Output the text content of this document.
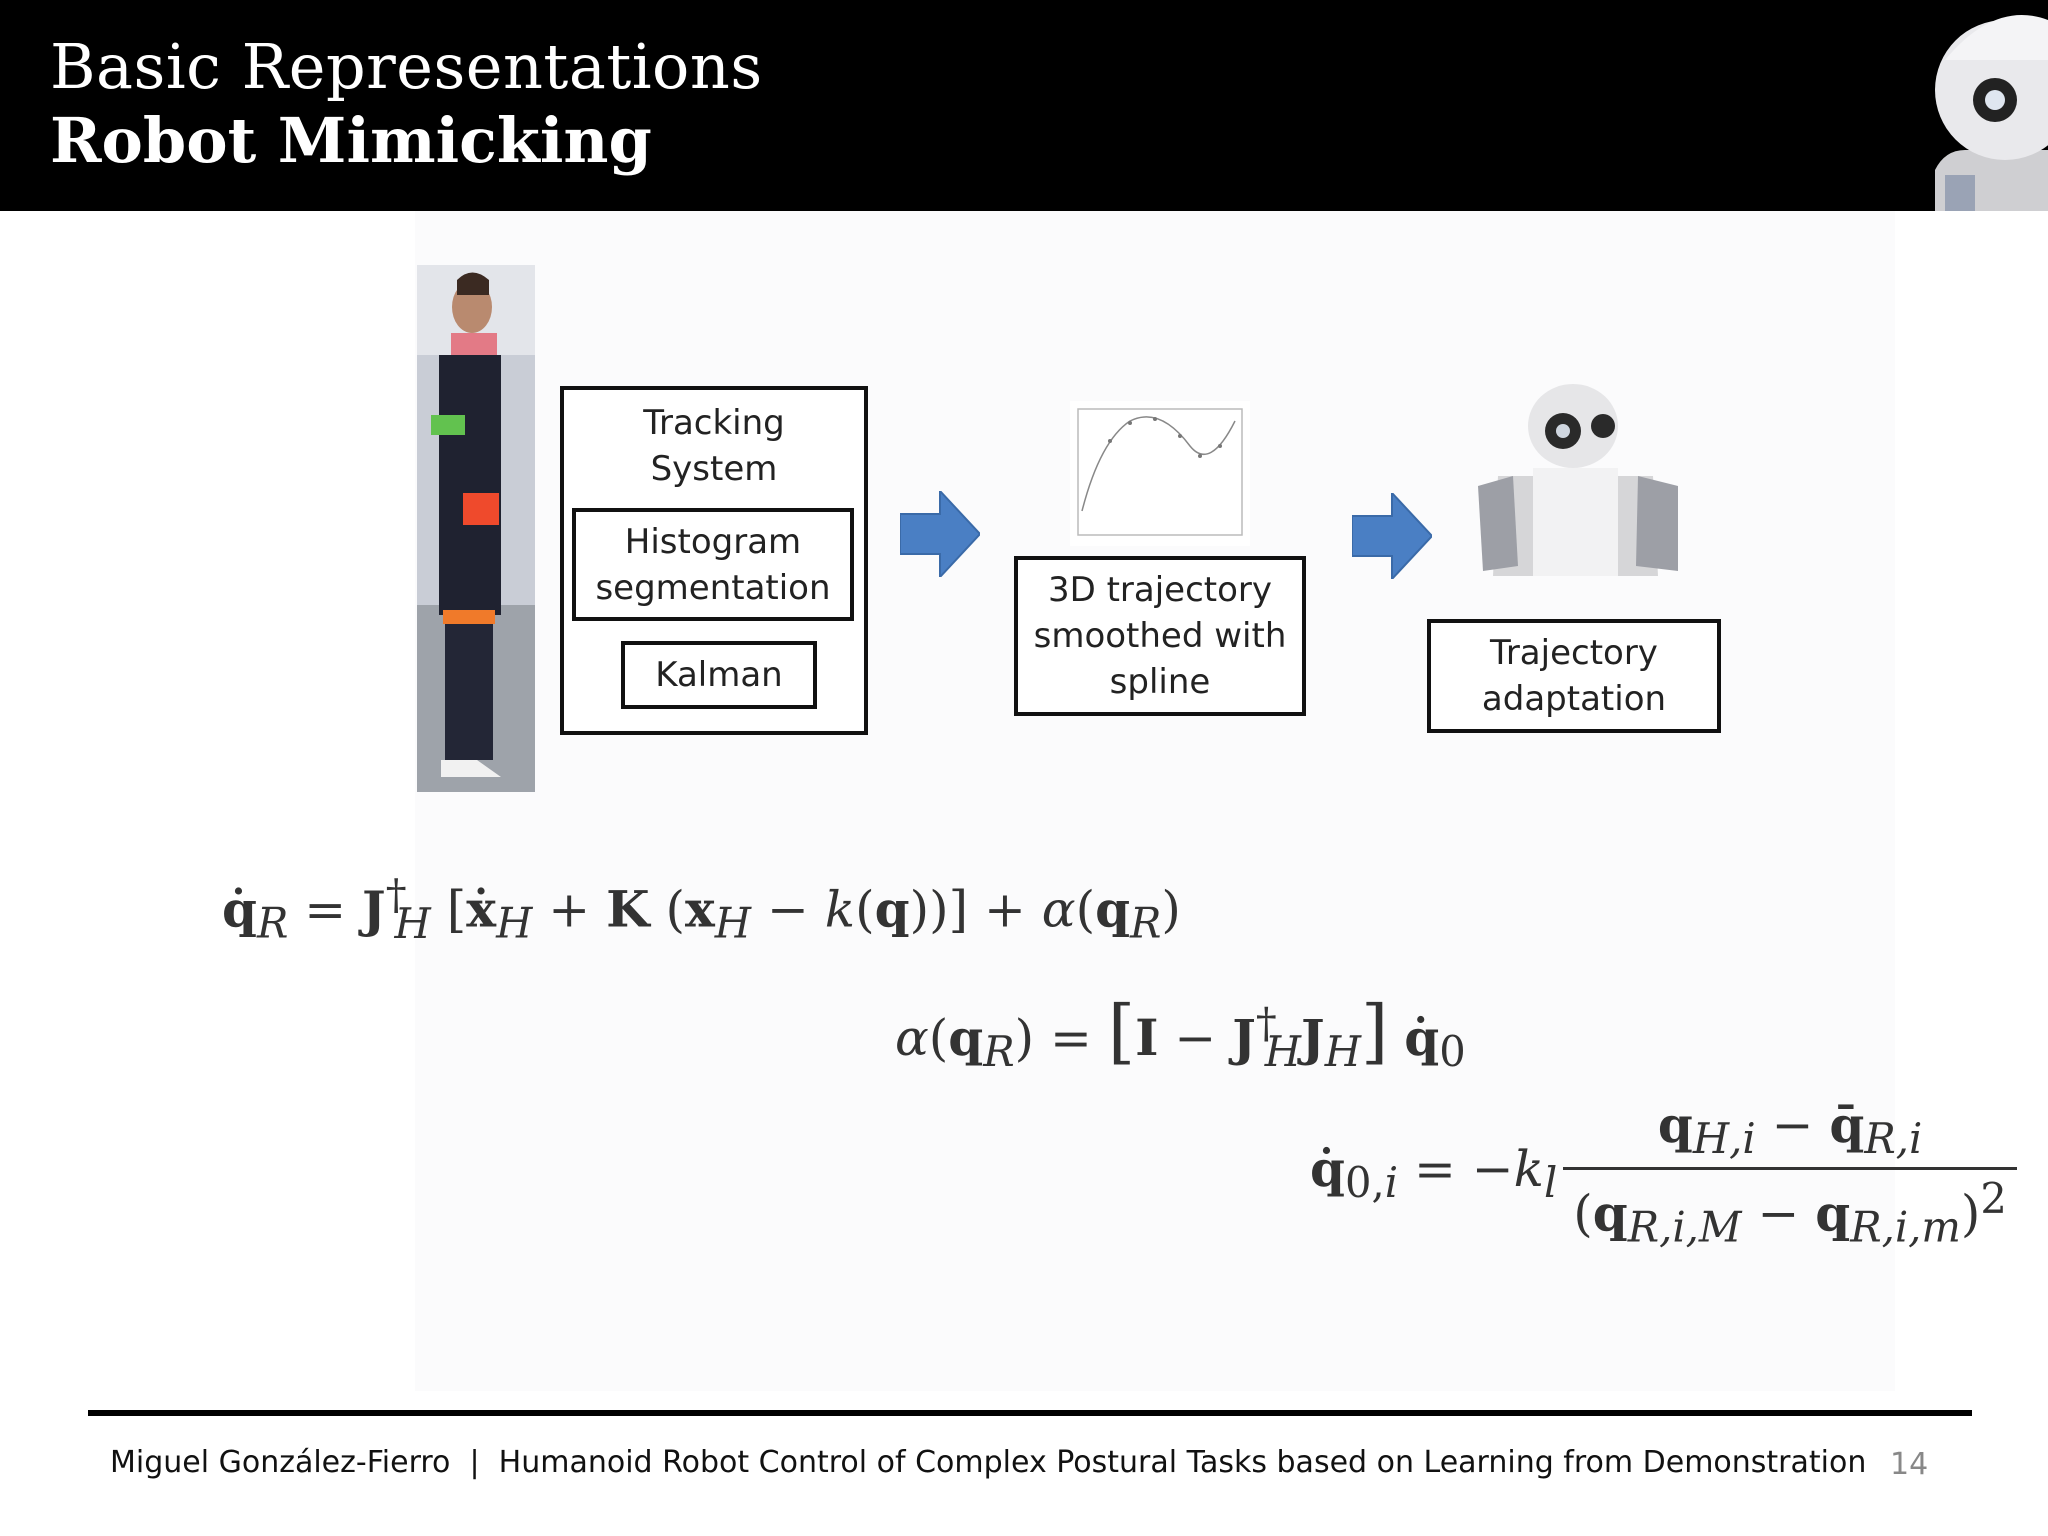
Basic Representations
Robot Mimicking
Tracking
System
Histogram
segmentation
Kalman
3D trajectory
smoothed with
spline
Trajectory
adaptation
$q̇_R = J^\dagger_H$ [ẋ$_H$ + K $(x_H - k(q))] + \alpha(q_R)$
$\alpha(q_R) = [I - J^\dagger_HJ_H]$ $q̇_0$
$q̇_{0,i} = -k_l$
$q_{H,i}$ − $q̄_{R,i}$
$(q_{R,i,M} - q_{R,i,m})^2$
Miguel González-Fierro  |  Humanoid Robot Control of Complex Postural Tasks based on Learning from Demonstration 14
